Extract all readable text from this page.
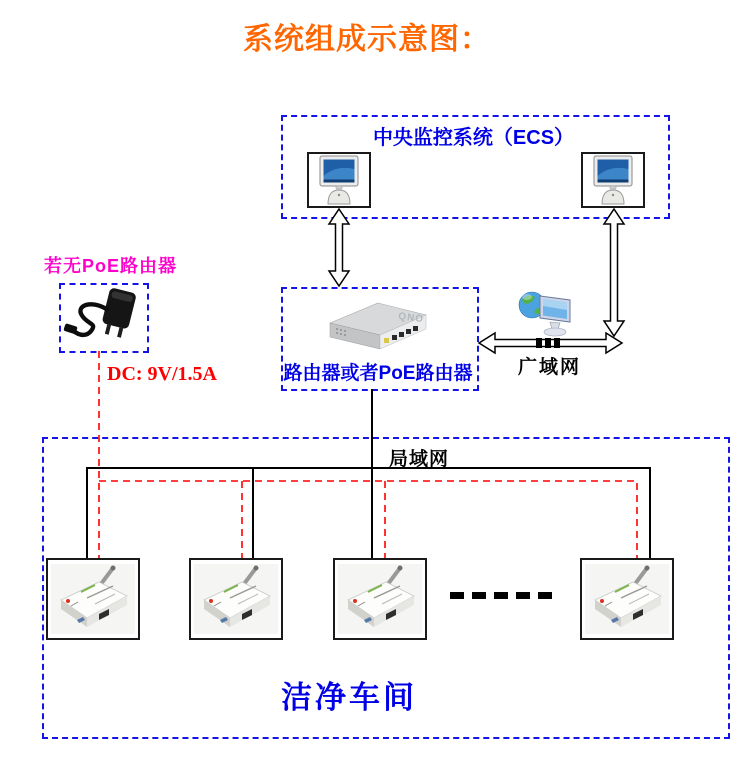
系统组成示意图：
中央监控系统（ECS）
路由器或者PoE路由器
若无PoE路由器
DC: 9V/1.5A
局域网
洁净车间
广域网
QNO
